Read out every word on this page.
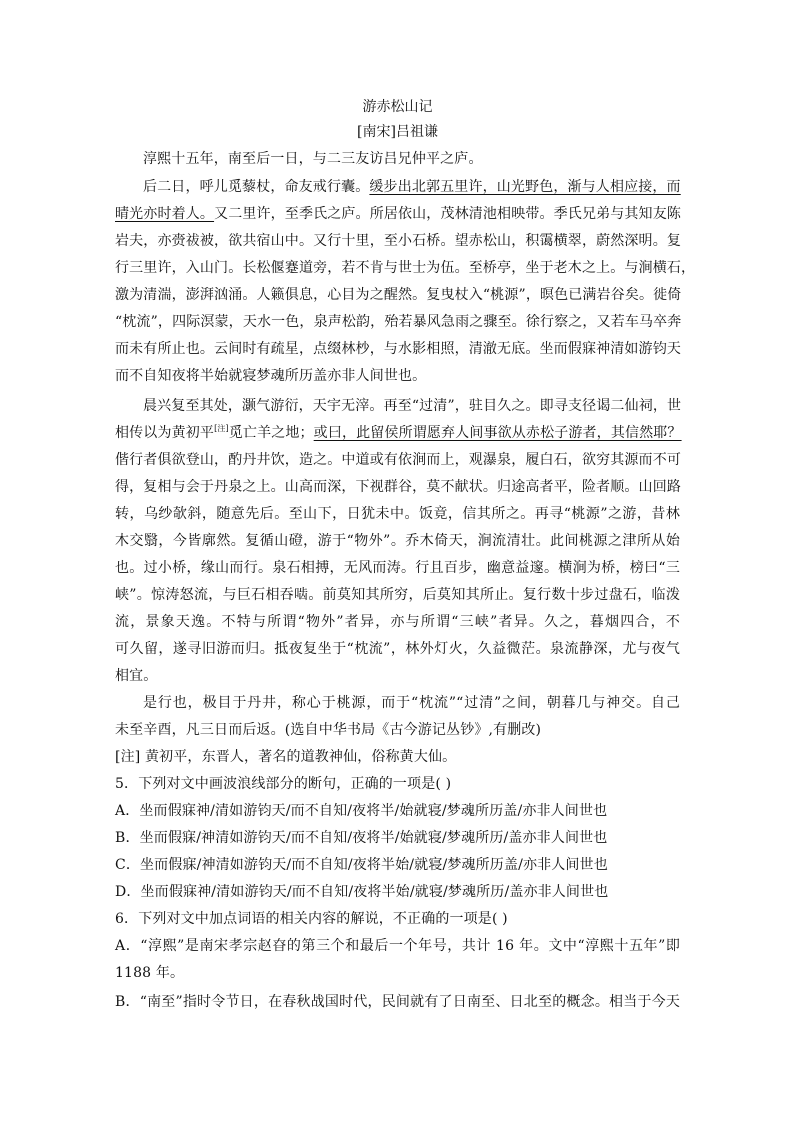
游赤松山记
[南宋]吕祖谦
淳熙十五年，南至后一日，与二三友访吕兄仲平之庐。
后二日，呼儿觅藜杖，命友戒行囊。缓步出北郭五里许，山光野色，渐与人相应接，而
晴光亦时着人。又二里许，至季氏之庐。所居依山，茂林清池相映带。季氏兄弟与其知友陈
岩夫，亦赍祓被，欲共宿山中。又行十里，至小石桥。望赤松山，积霭横翠，蔚然深明。复
行三里许，入山门。长松偃蹇道旁，若不肯与世士为伍。至桥亭，坐于老木之上。与涧横石，
激为清湍，澎湃汹涌。人籁俱息，心目为之醒然。复曳杖入“桃源”，暝色已满岩谷矣。徙倚
“枕流”，四际溟蒙，天水一色，泉声松韵，殆若暴风急雨之骤至。徐行察之，又若车马卒奔
而未有所止也。云间时有疏星，点缀林杪，与水影相照，清澈无底。坐而假寐神清如游钧天
而不自知夜将半始就寝梦魂所历盖亦非人间世也。
晨兴复至其处，灏气游衍，天宇无滓。再至“过清”，驻目久之。即寻支径谒二仙祠，世
相传以为黄初平[注]觅亡羊之地；或曰，此留侯所谓愿弃人间事欲从赤松子游者，其信然耶？
偕行者俱欲登山，酌丹井饮，造之。中道或有依涧而上，观瀑泉，履白石，欲穷其源而不可
得，复相与会于丹泉之上。山高而深，下视群谷，莫不献状。归途高者平，险者顺。山回路
转，乌纱欹斜，随意先后。至山下，日犹未中。饭竟，信其所之。再寻“桃源”之游，昔林
木交翳，今皆廓然。复循山磴，游于“物外”。乔木倚天，涧流清壮。此间桃源之津所从始
也。过小桥，缘山而行。泉石相搏，无风而涛。行且百步，幽意益邃。横涧为桥，榜曰“三
峡”。惊涛怒流，与巨石相吞啮。前莫知其所穷，后莫知其所止。复行数十步过盘石，临泼
流，景象天逸。不特与所谓“物外”者异，亦与所谓“三峡”者异。久之，暮烟四合，不
可久留，遂寻旧游而归。抵夜复坐于“枕流”，林外灯火，久益微茫。泉流静深，尤与夜气
相宜。
是行也，极目于丹井，称心于桃源，而于“枕流”“过清”之间，朝暮几与神交。自己
未至辛酉，凡三日而后返。(选自中华书局《古今游记丛钞》,有删改)
[注] 黄初平，东晋人，著名的道教神仙，俗称黄大仙。
5．下列对文中画波浪线部分的断句，正确的一项是( )
A．坐而假寐神/清如游钧天/而不自知/夜将半/始就寝/梦魂所历盖/亦非人间世也
B．坐而假寐/神清如游钧天/而不自知/夜将半/始就寝/梦魂所历/盖亦非人间世也
C．坐而假寐/神清如游钧天/而不自知/夜将半始/就寝/梦魂所历盖/亦非人间世也
D．坐而假寐神/清如游钧天/而不自知/夜将半始/就寝/梦魂所历/盖亦非人间世也
6．下列对文中加点词语的相关内容的解说，不正确的一项是( )
A．“淳熙”是南宋孝宗赵昚的第三个和最后一个年号，共计 16 年。文中“淳熙十五年”即
1188 年。
B．“南至”指时令节日，在春秋战国时代，民间就有了日南至、日北至的概念。相当于今天
